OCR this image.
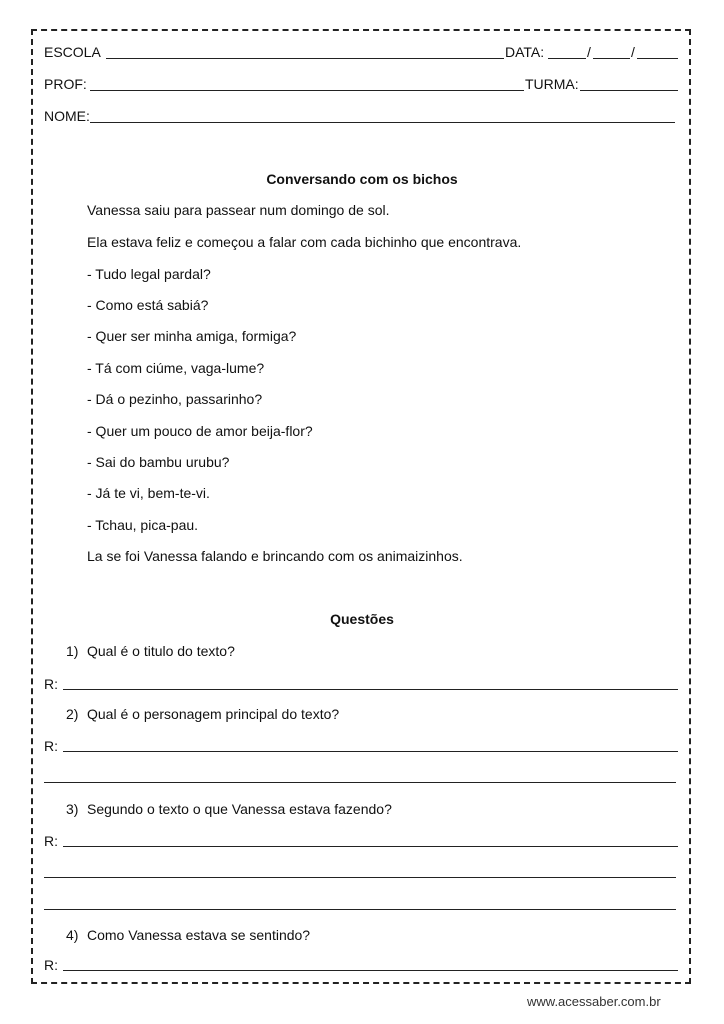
ESCOLA	DATA:	/	/
PROF:	TURMA:
NOME:
Conversando com os bichos
Vanessa saiu para passear num domingo de sol.
Ela estava feliz e começou a falar com cada bichinho que encontrava.
- Tudo legal pardal?
- Como está sabiá?
- Quer ser minha amiga, formiga?
- Tá com ciúme, vaga-lume?
- Dá o pezinho, passarinho?
- Quer um pouco de amor beija-flor?
- Sai do bambu urubu?
- Já te vi, bem-te-vi.
- Tchau, pica-pau.
La se foi Vanessa falando e brincando com os animaizinhos.
Questões
1) Qual é o titulo do texto?
R:
2) Qual é o personagem principal do texto?
R:
3) Segundo o texto o que Vanessa estava fazendo?
R:
4) Como Vanessa estava se sentindo?
R:
www.acessaber.com.br
